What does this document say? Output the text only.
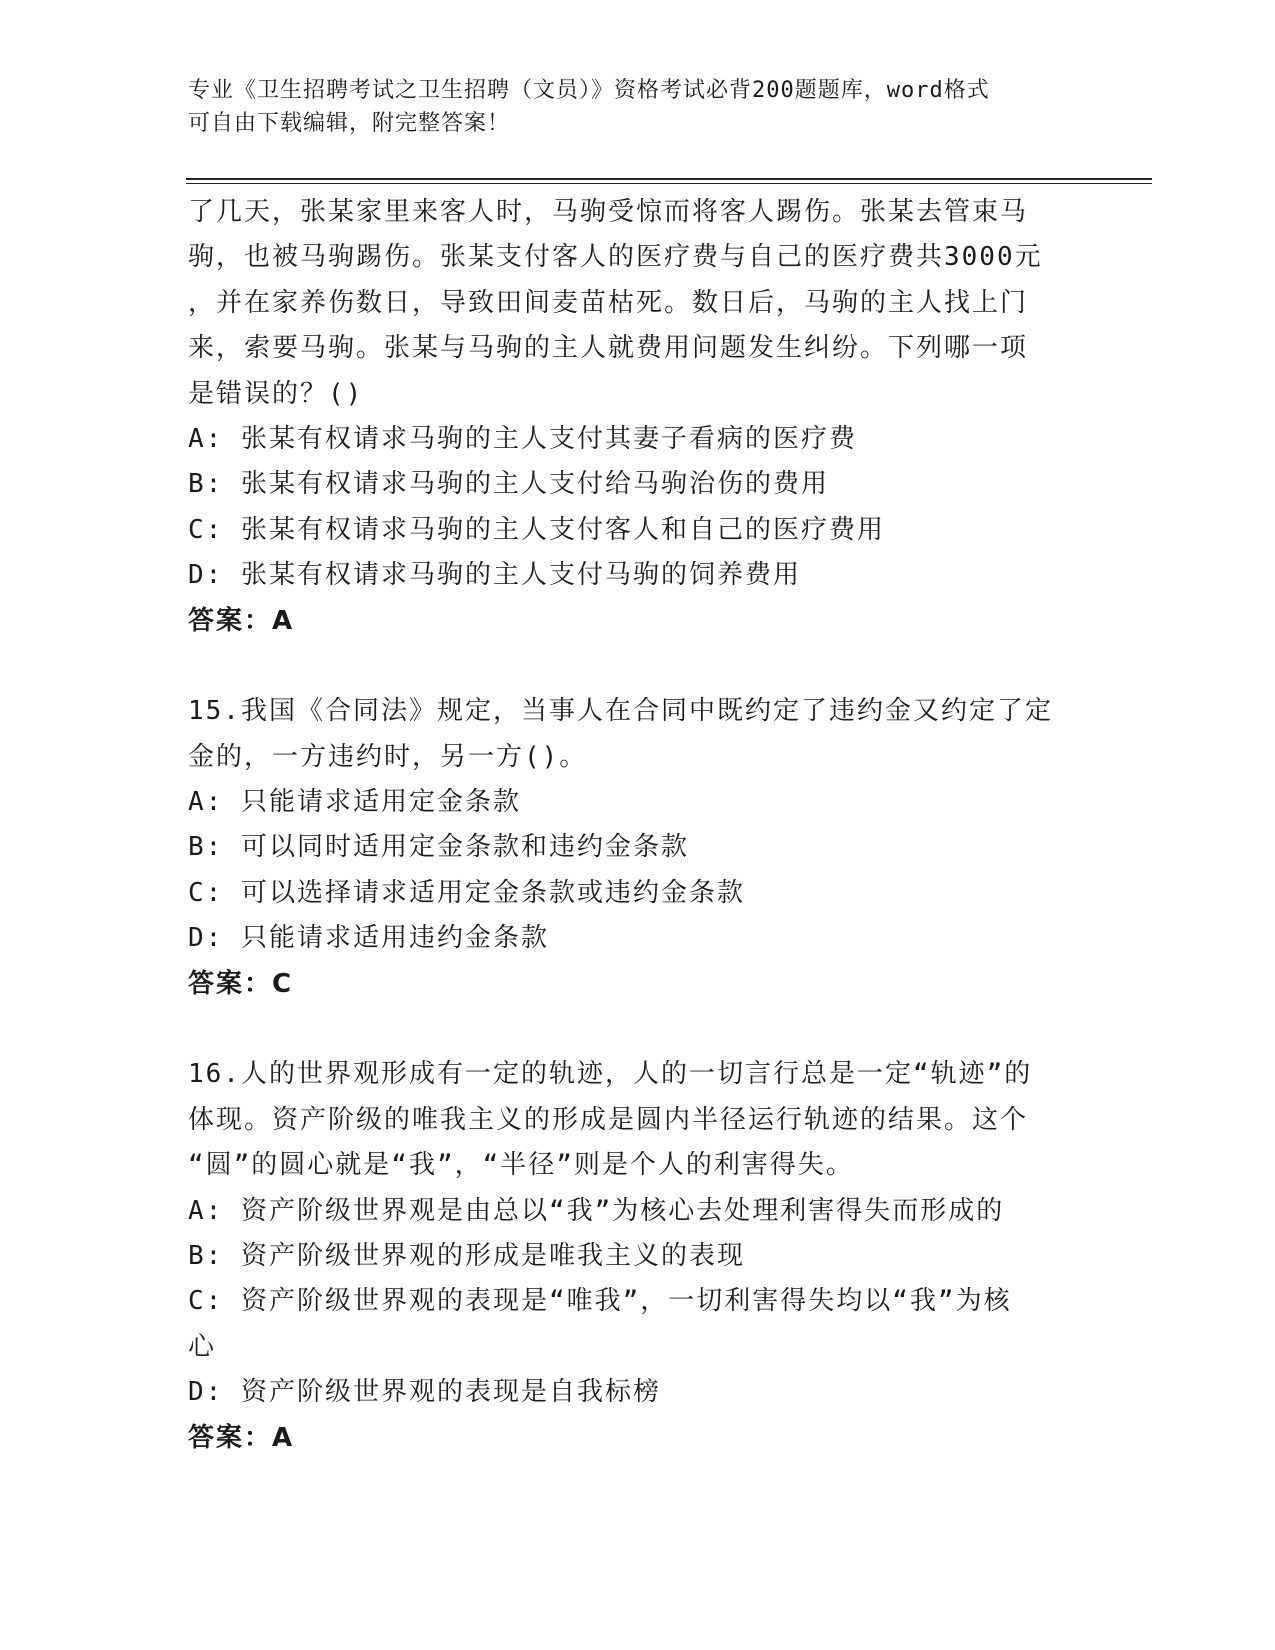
专业《卫生招聘考试之卫生招聘（文员）》资格考试必背200题题库，word格式
可自由下载编辑，附完整答案！
了几天，张某家里来客人时，马驹受惊而将客人踢伤。张某去管束马
驹，也被马驹踢伤。张某支付客人的医疗费与自己的医疗费共3000元
，并在家养伤数日，导致田间麦苗枯死。数日后，马驹的主人找上门
来，索要马驹。张某与马驹的主人就费用问题发生纠纷。下列哪一项
是错误的？()
A: 张某有权请求马驹的主人支付其妻子看病的医疗费
B: 张某有权请求马驹的主人支付给马驹治伤的费用
C: 张某有权请求马驹的主人支付客人和自己的医疗费用
D: 张某有权请求马驹的主人支付马驹的饲养费用
答案：A
15.我国《合同法》规定，当事人在合同中既约定了违约金又约定了定
金的，一方违约时，另一方()。
A: 只能请求适用定金条款
B: 可以同时适用定金条款和违约金条款
C: 可以选择请求适用定金条款或违约金条款
D: 只能请求适用违约金条款
答案：C
16.人的世界观形成有一定的轨迹，人的一切言行总是一定“轨迹”的
体现。资产阶级的唯我主义的形成是圆内半径运行轨迹的结果。这个
“圆”的圆心就是“我”，“半径”则是个人的利害得失。
A: 资产阶级世界观是由总以“我”为核心去处理利害得失而形成的
B: 资产阶级世界观的形成是唯我主义的表现
C: 资产阶级世界观的表现是“唯我”，一切利害得失均以“我”为核
心
D: 资产阶级世界观的表现是自我标榜
答案：A
